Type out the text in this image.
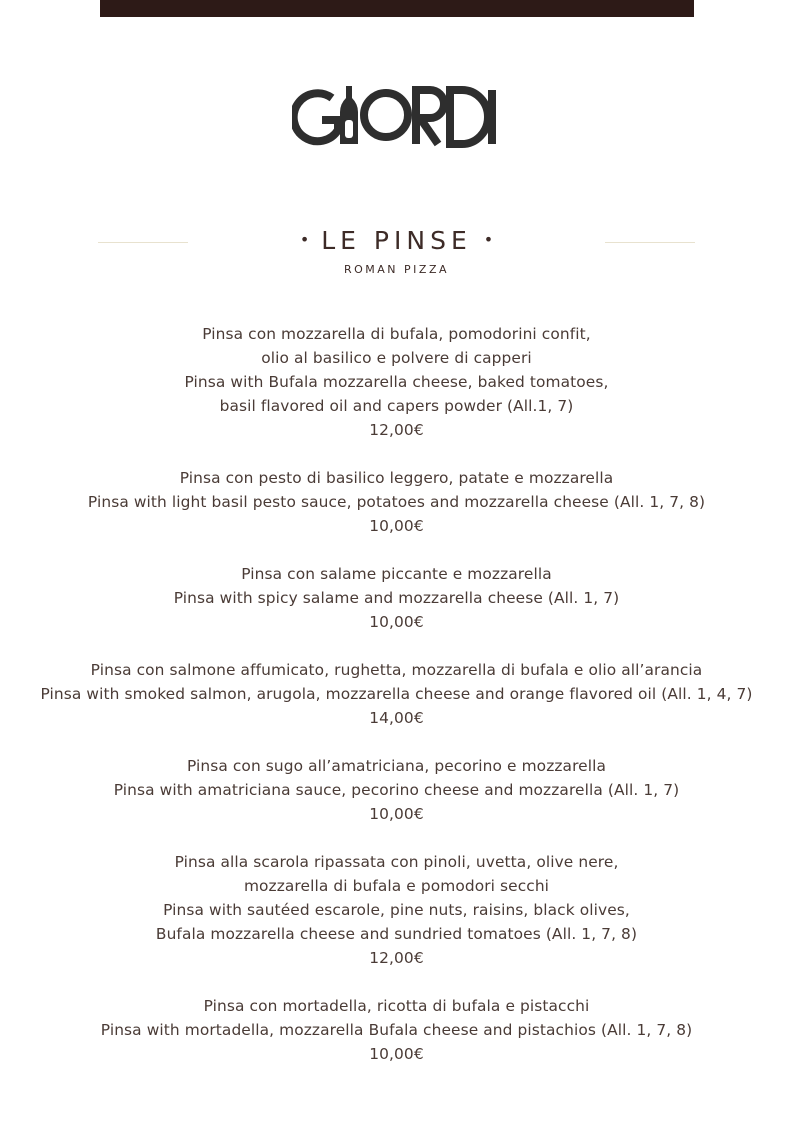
• LE PINSE •
ROMAN PIZZA
Pinsa con mozzarella di bufala, pomodorini confit,
olio al basilico e polvere di capperi
Pinsa with Bufala mozzarella cheese, baked tomatoes,
basil flavored oil and capers powder (All.1, 7)
12,00€
Pinsa con pesto di basilico leggero, patate e mozzarella
Pinsa with light basil pesto sauce, potatoes and mozzarella cheese (All. 1, 7, 8)
10,00€
Pinsa con salame piccante e mozzarella
Pinsa with spicy salame and mozzarella cheese (All. 1, 7)
10,00€
Pinsa con salmone affumicato, rughetta, mozzarella di bufala e olio all’arancia
Pinsa with smoked salmon, arugola, mozzarella cheese and orange flavored oil (All. 1, 4, 7)
14,00€
Pinsa con sugo all’amatriciana, pecorino e mozzarella
Pinsa with amatriciana sauce, pecorino cheese and mozzarella (All. 1, 7)
10,00€
Pinsa alla scarola ripassata con pinoli, uvetta, olive nere,
mozzarella di bufala e pomodori secchi
Pinsa with sautéed escarole, pine nuts, raisins, black olives,
Bufala mozzarella cheese and sundried tomatoes (All. 1, 7, 8)
12,00€
Pinsa con mortadella, ricotta di bufala e pistacchi
Pinsa with mortadella, mozzarella Bufala cheese and pistachios (All. 1, 7, 8)
10,00€
